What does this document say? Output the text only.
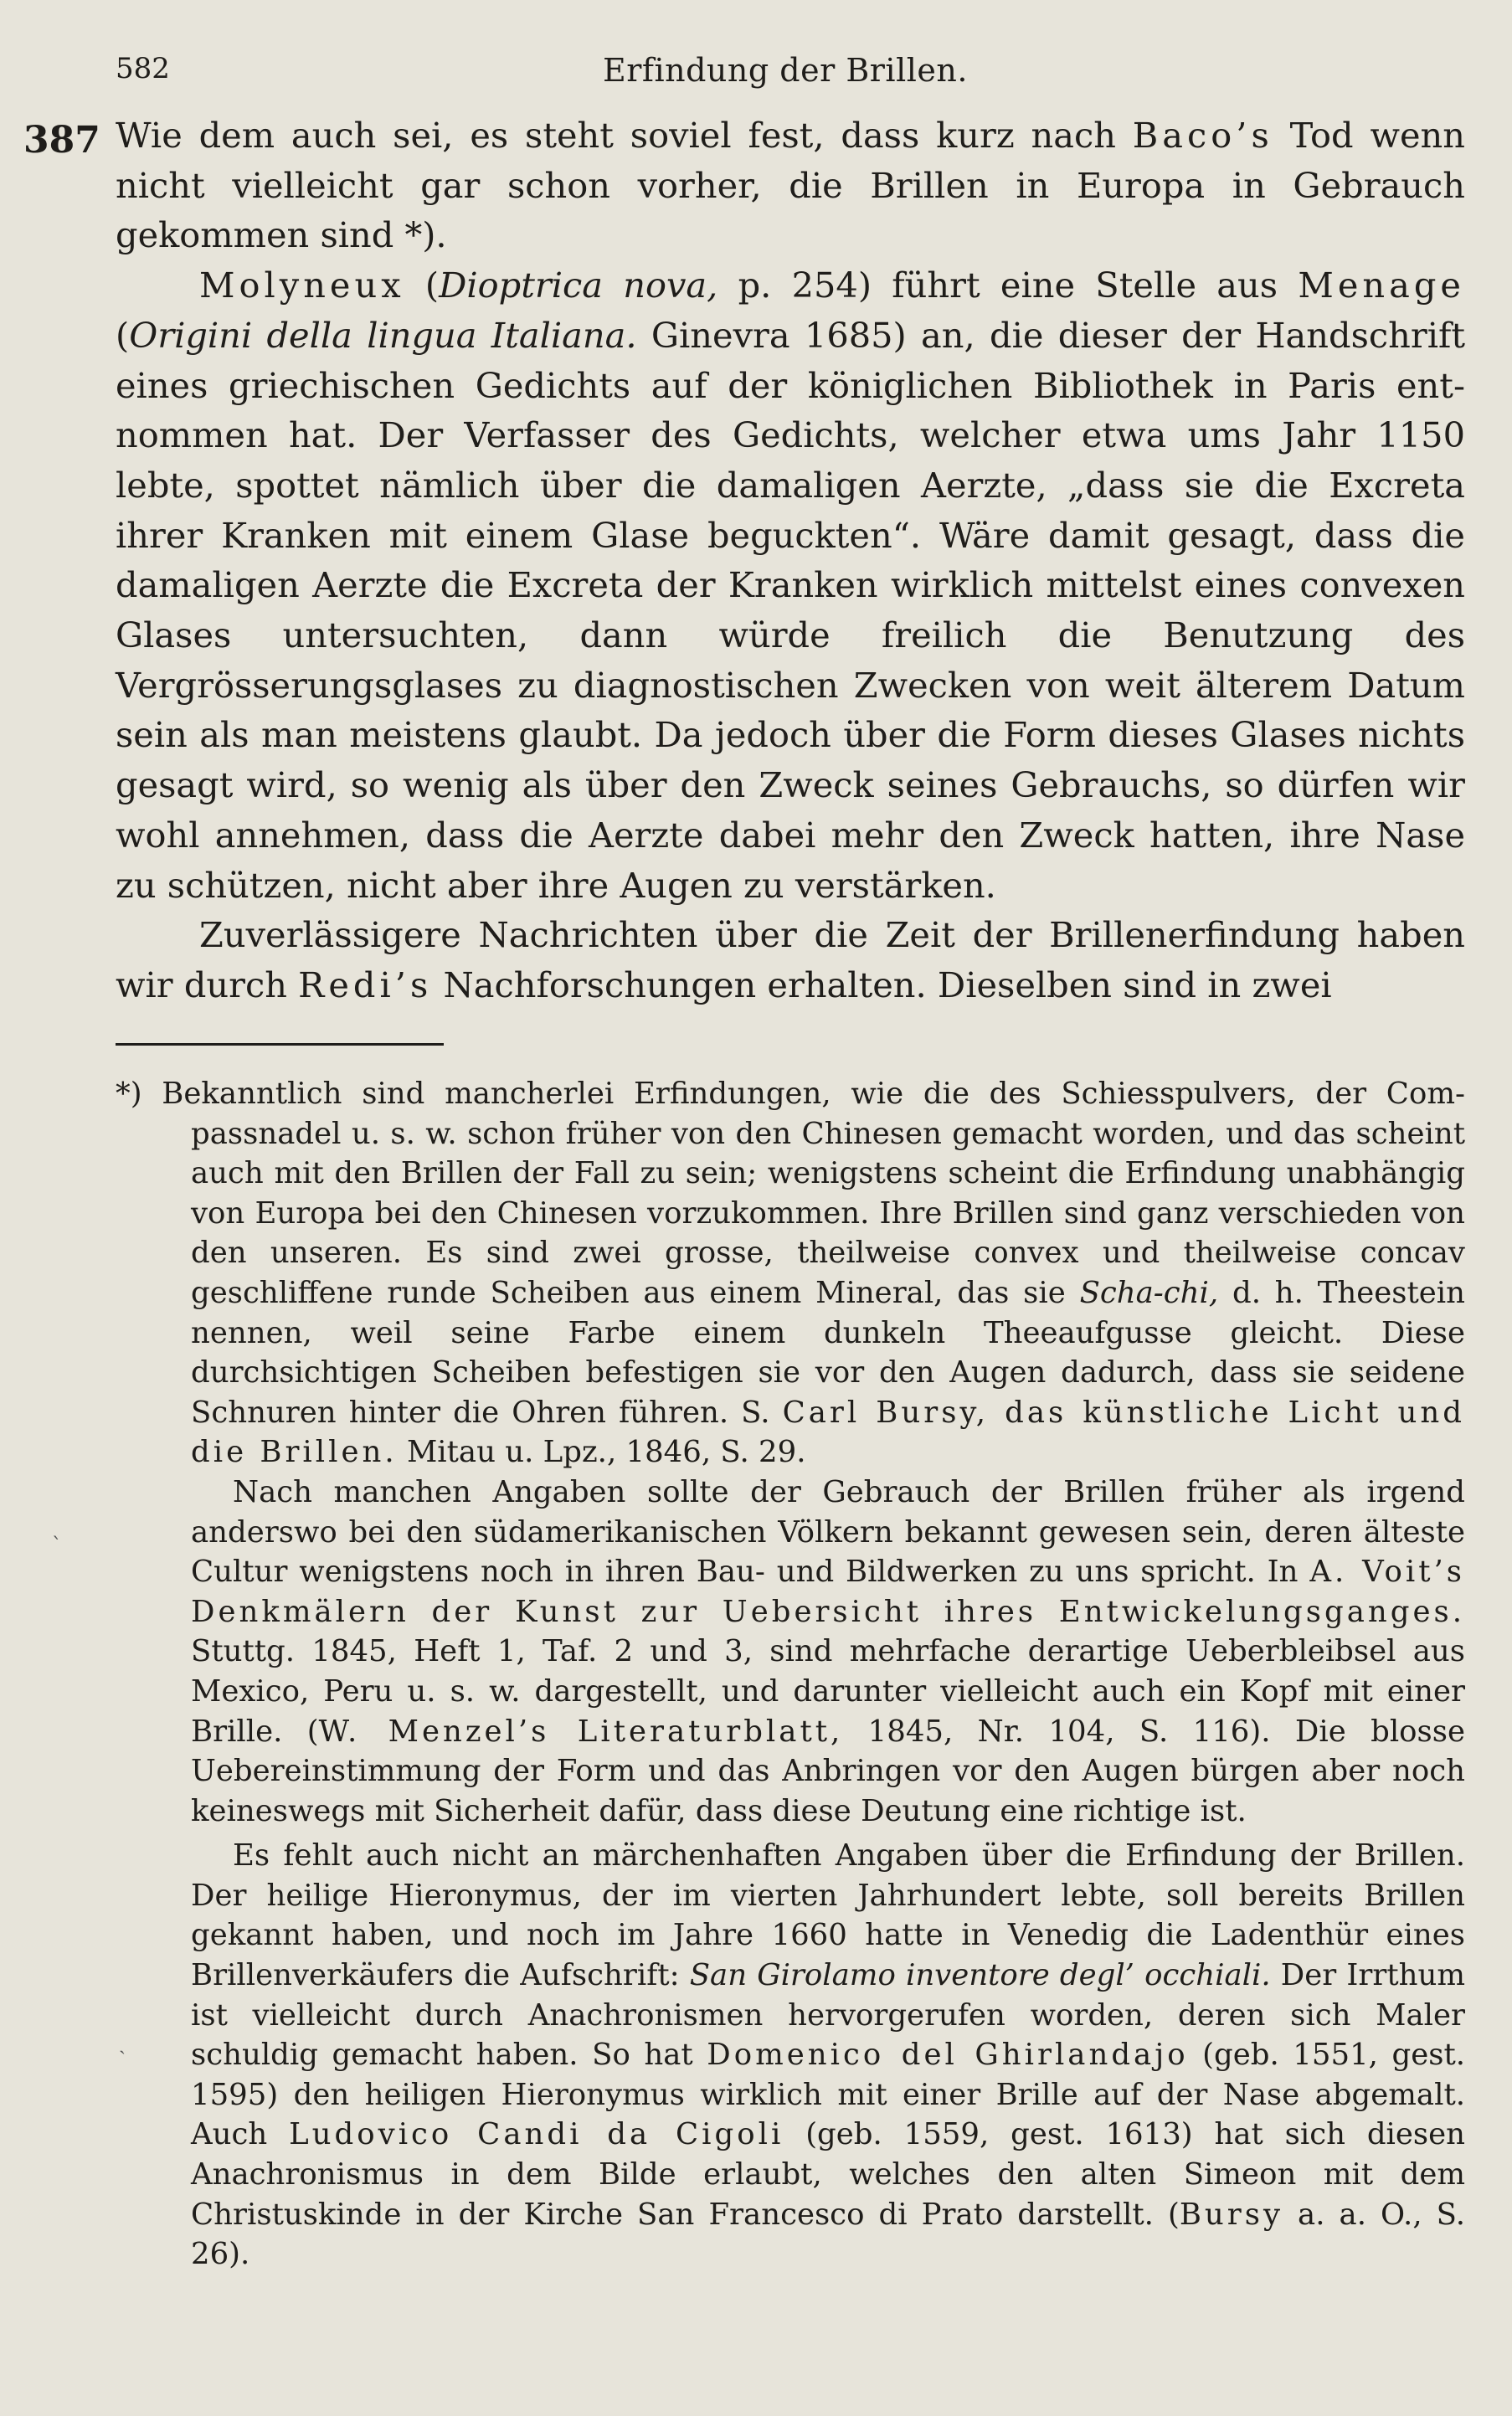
582	Erfindung der Brillen.
387 Wie dem auch sei, es steht soviel fest, dass kurz nach Baco’s Tod wenn nicht vielleicht gar schon vorher, die Brillen in Europa in Gebrauch gekommen sind *).

Molyneux (Dioptrica nova, p. 254) führt eine Stelle aus Menage (Origini della lingua Italiana. Ginevra 1685) an, die dieser der Handschrift eines griechischen Gedichts auf der königlichen Bibliothek in Paris entnommen hat. Der Verfasser des Gedichts, welcher etwa ums Jahr 1150 lebte, spottet nämlich über die damaligen Aerzte, „dass sie die Excreta ihrer Kranken mit einem Glase beguckten“. Wäre damit gesagt, dass die damaligen Aerzte die Excreta der Kranken wirklich mittelst eines convexen Glases untersuchten, dann würde freilich die Benutzung des Vergrösserungsglases zu diagnostischen Zwecken von weit älterem Datum sein als man meistens glaubt. Da jedoch über die Form dieses Glases nichts gesagt wird, so wenig als über den Zweck seines Gebrauchs, so dürfen wir wohl annehmen, dass die Aerzte dabei mehr den Zweck hatten, ihre Nase zu schützen, nicht aber ihre Augen zu verstärken.

Zuverlässigere Nachrichten über die Zeit der Brillenerfindung haben wir durch Redi’s Nachforschungen erhalten. Dieselben sind in zwei

*) Bekanntlich sind mancherlei Erfindungen, wie die des Schiesspulvers, der Compassnadel u. s. w. schon früher von den Chinesen gemacht worden, und das scheint auch mit den Brillen der Fall zu sein; wenigstens scheint die Erfindung unabhängig von Europa bei den Chinesen vorzukommen. Ihre Brillen sind ganz verschieden von den unseren. Es sind zwei grosse, theilweise convex und theilweise concav geschliffene runde Scheiben aus einem Mineral, das sie Scha-chi, d. h. Theestein nennen, weil seine Farbe einem dunkeln Theeaufgusse gleicht. Diese durchsichtigen Scheiben befestigen sie vor den Augen dadurch, dass sie seidene Schnuren hinter die Ohren führen. S. Carl Bursy, das künstliche Licht und die Brillen. Mitau u. Lpz., 1846, S. 29.

Nach manchen Angaben sollte der Gebrauch der Brillen früher als irgend anderswo bei den südamerikanischen Völkern bekannt gewesen sein, deren älteste Cultur wenigstens noch in ihren Bau- und Bildwerken zu uns spricht. In A. Voit’s Denkmälern der Kunst zur Uebersicht ihres Entwickelungsganges. Stuttg. 1845, Heft 1, Taf. 2 und 3, sind mehrfache derartige Ueberbleibsel aus Mexico, Peru u. s. w. dargestellt, und darunter vielleicht auch ein Kopf mit einer Brille. (W. Menzel’s Literaturblatt, 1845, Nr. 104, S. 116). Die blosse Uebereinstimmung der Form und das Anbringen vor den Augen bürgen aber noch keineswegs mit Sicherheit dafür, dass diese Deutung eine richtige ist.

Es fehlt auch nicht an märchenhaften Angaben über die Erfindung der Brillen. Der heilige Hieronymus, der im vierten Jahrhundert lebte, soll bereits Brillen gekannt haben, und noch im Jahre 1660 hatte in Venedig die Ladenthür eines Brillenverkäufers die Aufschrift: San Girolamo inventore degl’ occhiali. Der Irrthum ist vielleicht durch Anachronismen hervorgerufen worden, deren sich Maler schuldig gemacht haben. So hat Domenico del Ghirlandajo (geb. 1551, gest. 1595) den heiligen Hieronymus wirklich mit einer Brille auf der Nase abgemalt. Auch Ludovico Candi da Cigoli (geb. 1559, gest. 1613) hat sich diesen Anachronismus in dem Bilde erlaubt, welches den alten Simeon mit dem Christuskinde in der Kirche San Francesco di Prato darstellt. (Bursy a. a. O., S. 26).

ˋ
ˏ
